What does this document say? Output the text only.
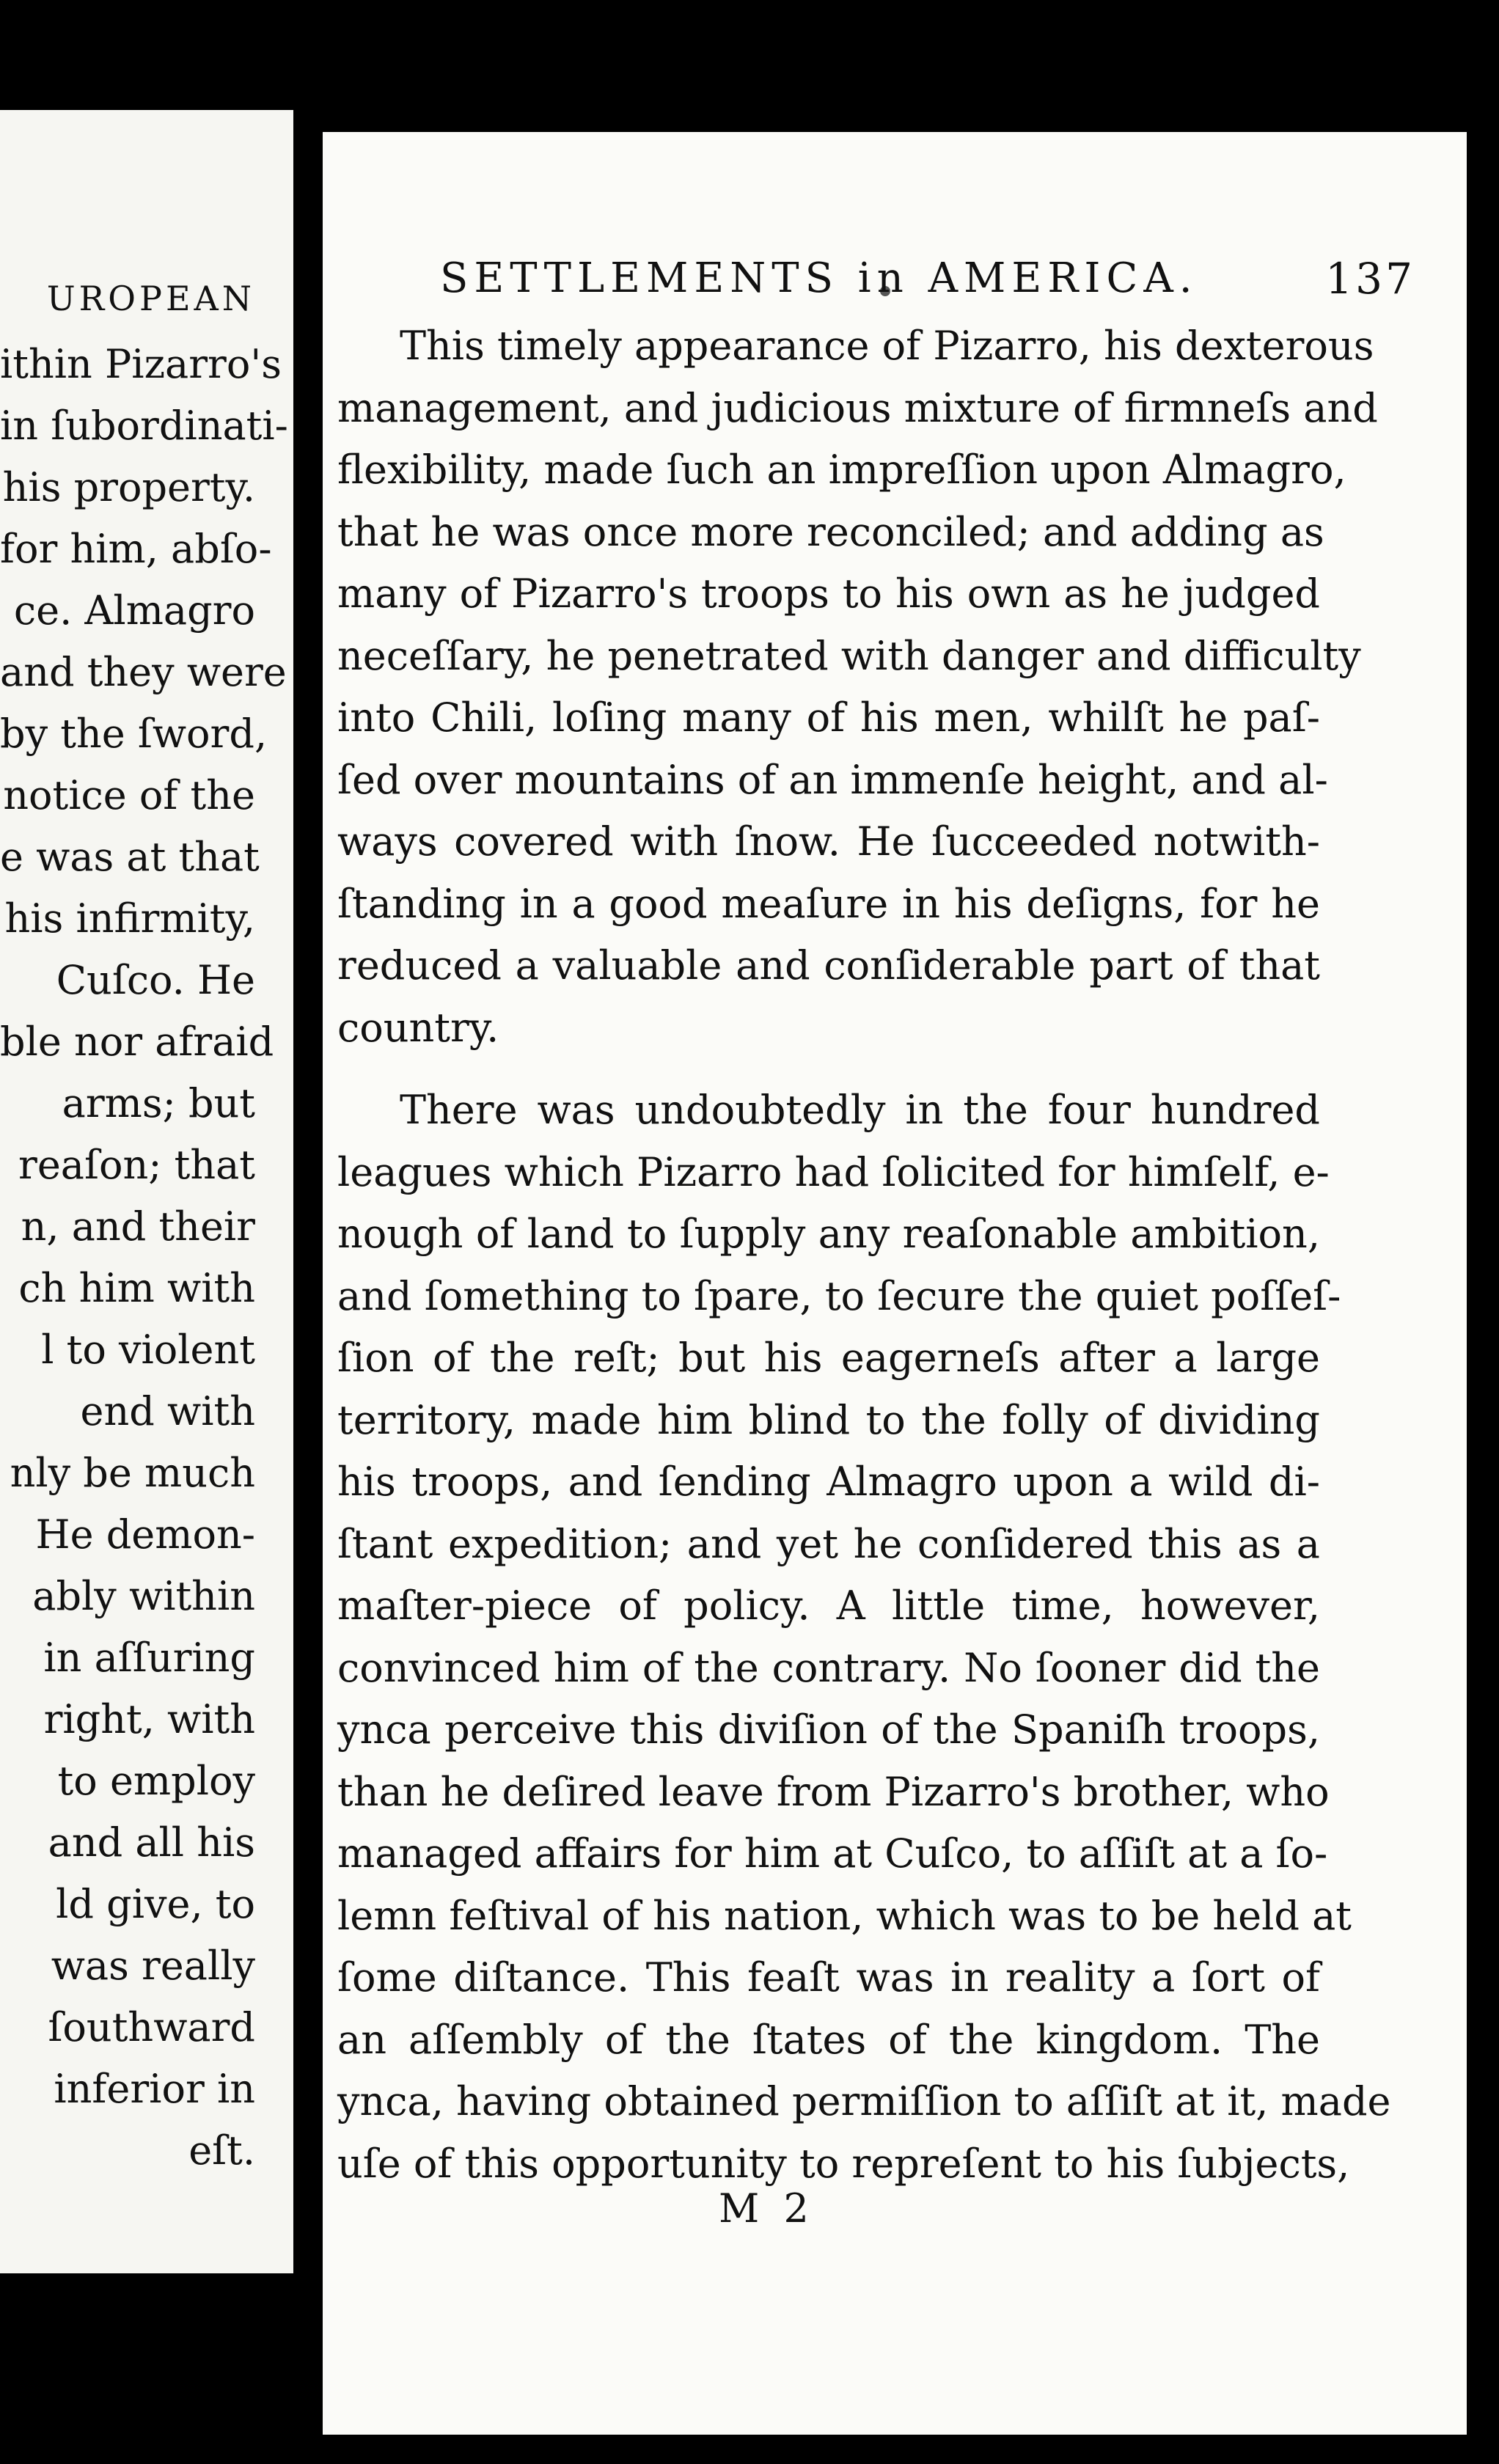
UROPEAN
ithin Pizarro's
in ſubordinati-
his property.
for him, abſo-
ce. Almagro
and they were
by the ſword,
notice of the
e was at that
his infirmity,
Cuſco. He
ble nor afraid
arms; but
reaſon; that
n, and their
ch him with
l to violent
end with
nly be much
He demon-
ably within
in aſſuring
right, with
to employ
and all his
ld give, to
was really
ſouthward
inferior in
eſt.
SETTLEMENTS in AMERICA.	137
This timely appearance of Pizarro, his dexterous
management, and judicious mixture of firmneſs and
flexibility, made ſuch an impreſſion upon Almagro,
that he was once more reconciled; and adding as
many of Pizarro's troops to his own as he judged
neceſſary, he penetrated with danger and difficulty
into Chili, loſing many of his men, whilſt he paſ-
ſed over mountains of an immenſe height, and al-
ways covered with ſnow. He ſucceeded notwith-
ſtanding in a good meaſure in his deſigns, for he
reduced a valuable and conſiderable part of that
country.
There was undoubtedly in the four hundred
leagues which Pizarro had ſolicited for himſelf, e-
nough of land to ſupply any reaſonable ambition,
and ſomething to ſpare, to ſecure the quiet poſſeſ-
ſion of the reſt; but his eagerneſs after a large
territory, made him blind to the folly of dividing
his troops, and ſending Almagro upon a wild di-
ſtant expedition; and yet he conſidered this as a
maſter-piece of policy. A little time, however,
convinced him of the contrary. No ſooner did the
ynca perceive this diviſion of the Spaniſh troops,
than he deſired leave from Pizarro's brother, who
managed affairs for him at Cuſco, to aſſiſt at a ſo-
lemn feſtival of his nation, which was to be held at
ſome diſtance. This feaſt was in reality a ſort of
an aſſembly of the ſtates of the kingdom. The
ynca, having obtained permiſſion to aſſiſt at it, made
uſe of this opportunity to repreſent to his ſubjects,
M 2
